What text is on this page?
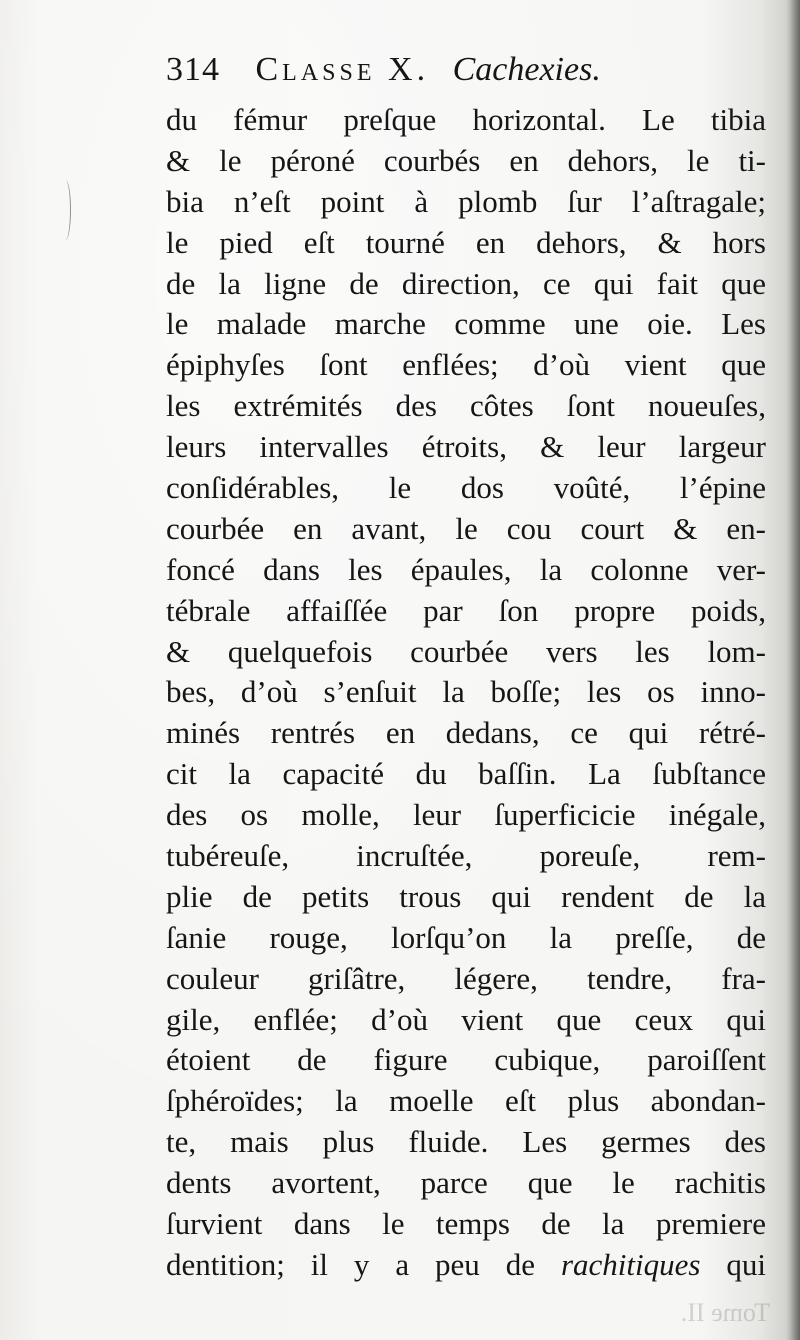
314 Classe X. Cachexies.
du fémur preſque horizontal. Le tibia
& le péroné courbés en dehors, le ti-
bia n’eſt point à plomb ſur l’aſtragale;
le pied eſt tourné en dehors, & hors
de la ligne de direction, ce qui fait que
le malade marche comme une oie. Les
épiphyſes ſont enflées; d’où vient que
les extrémités des côtes ſont noueuſes,
leurs intervalles étroits, & leur largeur
conſidérables, le dos voûté, l’épine
courbée en avant, le cou court & en-
foncé dans les épaules, la colonne ver-
tébrale affaiſſée par ſon propre poids,
& quelquefois courbée vers les lom-
bes, d’où s’enſuit la boſſe; les os inno-
minés rentrés en dedans, ce qui rétré-
cit la capacité du baſſin. La ſubſtance
des os molle, leur ſuperficicie inégale,
tubéreuſe, incruſtée, poreuſe, rem-
plie de petits trous qui rendent de la
ſanie rouge, lorſqu’on la preſſe, de
couleur griſâtre, légere, tendre, fra-
gile, enflée; d’où vient que ceux qui
étoient de figure cubique, paroiſſent
ſphéroïdes; la moelle eſt plus abondan-
te, mais plus fluide. Les germes des
dents avortent, parce que le rachitis
ſurvient dans le temps de la premiere
dentition; il y a peu de rachitiques qui
Tome II.
